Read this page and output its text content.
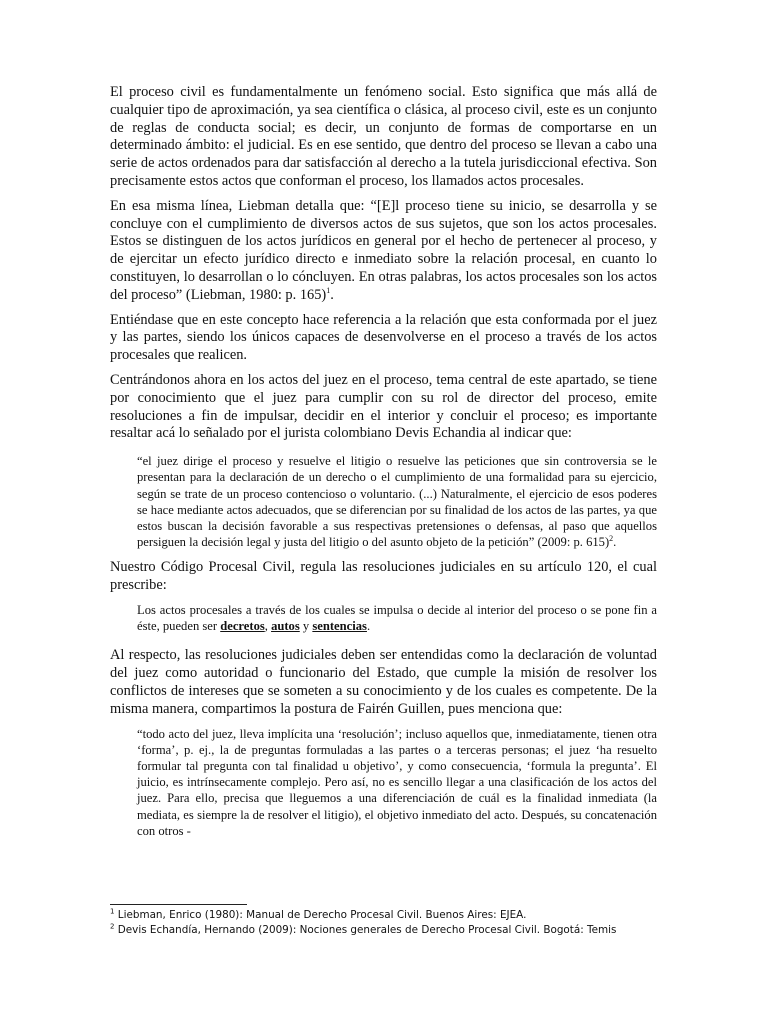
El proceso civil es fundamentalmente un fenómeno social. Esto significa que más allá de cualquier tipo de aproximación, ya sea científica o clásica, al proceso civil, este es un conjunto de reglas de conducta social; es decir, un conjunto de formas de comportarse en un determinado ámbito: el judicial. Es en ese sentido, que dentro del proceso se llevan a cabo una serie de actos ordenados para dar satisfacción al derecho a la tutela jurisdiccional efectiva. Son precisamente estos actos que conforman el proceso, los llamados actos procesales.

En esa misma línea, Liebman detalla que: “[E]l proceso tiene su inicio, se desarrolla y se concluye con el cumplimiento de diversos actos de sus sujetos, que son los actos procesales. Estos se distinguen de los actos jurídicos en general por el hecho de pertenecer al proceso, y de ejercitar un efecto jurídico directo e inmediato sobre la relación procesal, en cuanto lo constituyen, lo desarrollan o lo cóncluyen. En otras palabras, los actos procesales son los actos del proceso” (Liebman, 1980: p. 165)$^1$.

Entiéndase que en este concepto hace referencia a la relación que esta conformada por el juez y las partes, siendo los únicos capaces de desenvolverse en el proceso a través de los actos procesales que realicen.

Centrándonos ahora en los actos del juez en el proceso, tema central de este apartado, se tiene por conocimiento que el juez para cumplir con su rol de director del proceso, emite resoluciones a fin de impulsar, decidir en el interior y concluir el proceso; es importante resaltar acá lo señalado por el jurista colombiano Devis Echandia al indicar que:

“el juez dirige el proceso y resuelve el litigio o resuelve las peticiones que sin controversia se le presentan para la declaración de un derecho o el cumplimiento de una formalidad para su ejercicio, según se trate de un proceso contencioso o voluntario. (...) Naturalmente, el ejercicio de esos poderes se hace mediante actos adecuados, que se diferencian por su finalidad de los actos de las partes, ya que estos buscan la decisión favorable a sus respectivas pretensiones o defensas, al paso que aquellos persiguen la decisión legal y justa del litigio o del asunto objeto de la petición” (2009: p. 615)$^2$.

Nuestro Código Procesal Civil, regula las resoluciones judiciales en su artículo 120, el cual prescribe:

Los actos procesales a través de los cuales se impulsa o decide al interior del proceso o se pone fin a éste, pueden ser decretos, autos y sentencias.

Al respecto, las resoluciones judiciales deben ser entendidas como la declaración de voluntad del juez como autoridad o funcionario del Estado, que cumple la misión de resolver los conflictos de intereses que se someten a su conocimiento y de los cuales es competente. De la misma manera, compartimos la postura de Fairén Guillen, pues menciona que:

“todo acto del juez, lleva implícita una ‘resolución’; incluso aquellos que, inmediatamente, tienen otra ‘forma’, p. ej., la de preguntas formuladas a las partes o a terceras personas; el juez ‘ha resuelto formular tal pregunta con tal finalidad u objetivo’, y como consecuencia, ‘formula la pregunta’. El juicio, es intrínsecamente complejo. Pero así, no es sencillo llegar a una clasificación de los actos del juez. Para ello, precisa que lleguemos a una diferenciación de cuál es la finalidad inmediata (la mediata, es siempre la de resolver el litigio), el objetivo inmediato del acto. Después, su concatenación con otros -

$^1$ Liebman, Enrico (1980): Manual de Derecho Procesal Civil. Buenos Aires: EJEA.
$^2$ Devis Echandía, Hernando (2009): Nociones generales de Derecho Procesal Civil. Bogotá: Temis
